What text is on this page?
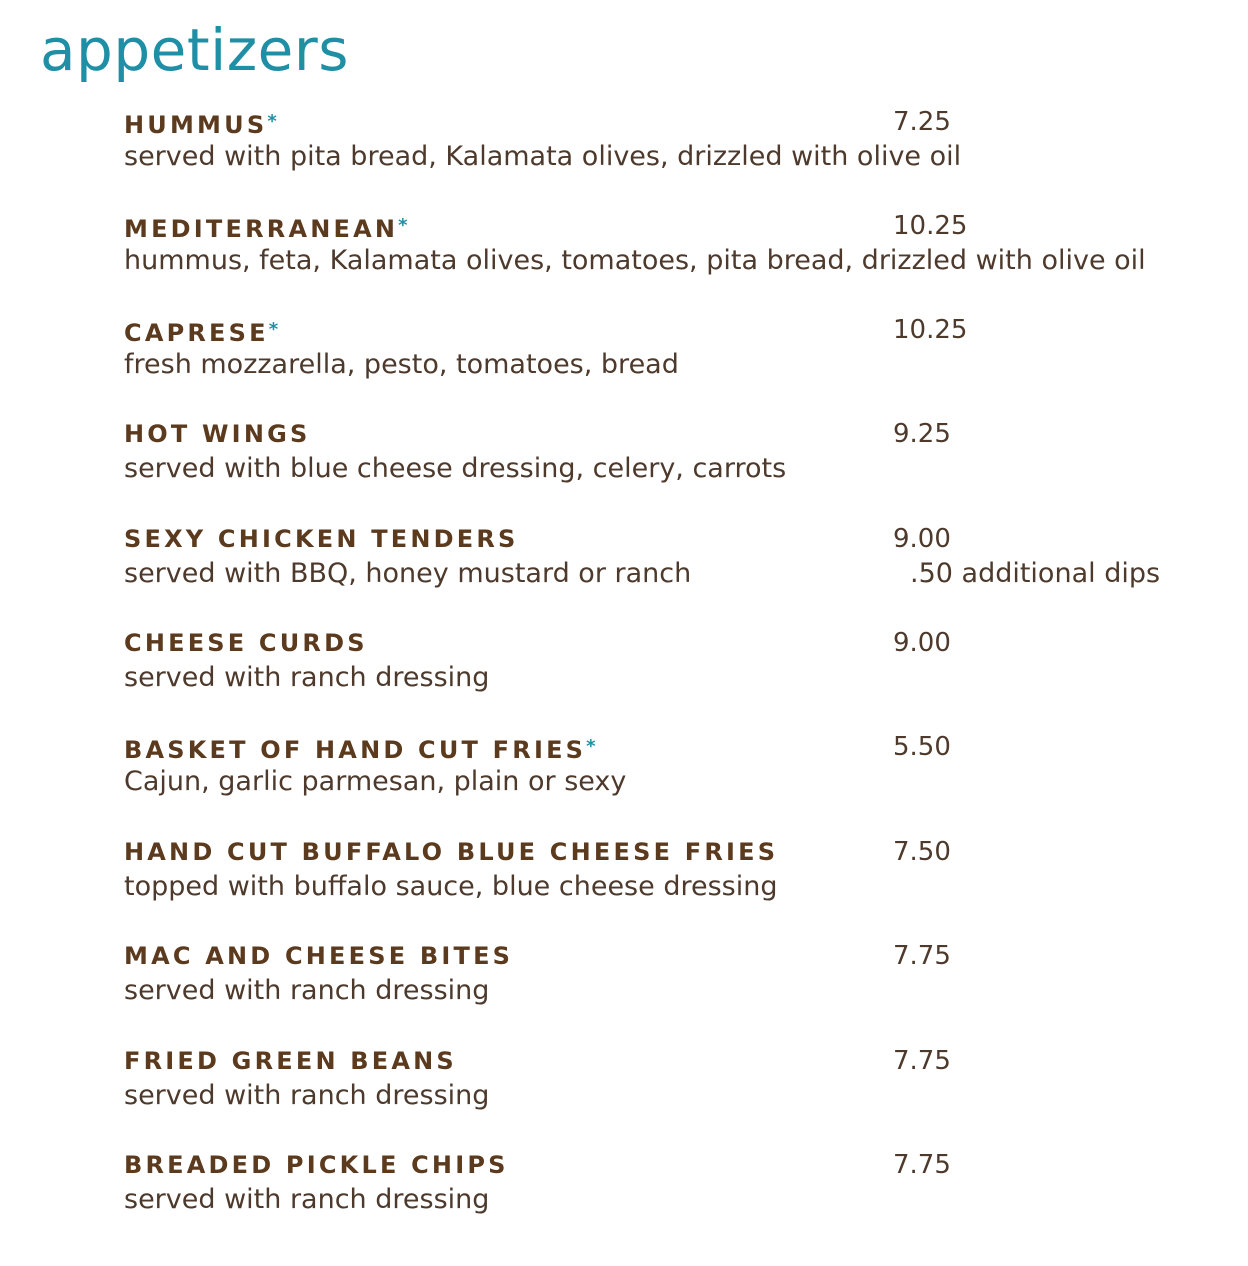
appetizers
HUMMUS*	7.25
served with pita bread, Kalamata olives, drizzled with olive oil
MEDITERRANEAN*	10.25
hummus, feta, Kalamata olives, tomatoes, pita bread, drizzled with olive oil
CAPRESE*	10.25
fresh mozzarella, pesto, tomatoes, bread
HOT WINGS	9.25
served with blue cheese dressing, celery, carrots
SEXY CHICKEN TENDERS	9.00
served with BBQ, honey mustard or ranch	.50 additional dips
CHEESE CURDS	9.00
served with ranch dressing
BASKET OF HAND CUT FRIES*	5.50
Cajun, garlic parmesan, plain or sexy
HAND CUT BUFFALO BLUE CHEESE FRIES	7.50
topped with buffalo sauce, blue cheese dressing
MAC AND CHEESE BITES	7.75
served with ranch dressing
FRIED GREEN BEANS	7.75
served with ranch dressing
BREADED PICKLE CHIPS	7.75
served with ranch dressing
